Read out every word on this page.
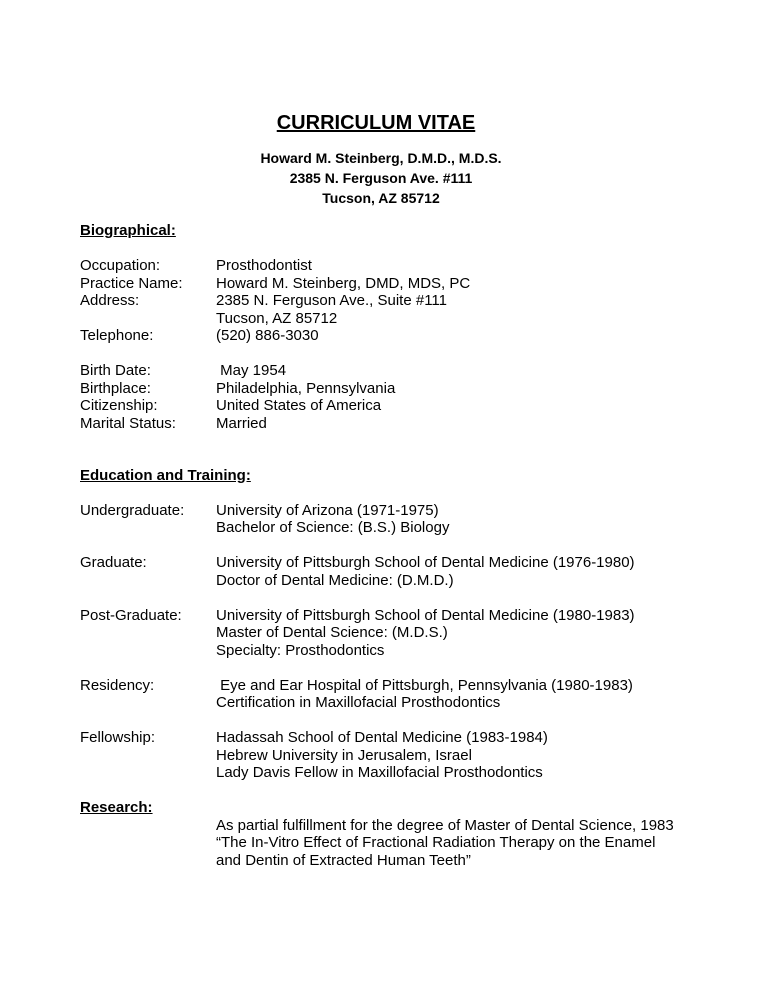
CURRICULUM VITAE
Howard M. Steinberg, D.M.D., M.D.S.
2385 N. Ferguson Ave. #111
Tucson, AZ 85712
Biographical:
Occupation:	Prosthodontist
Practice Name:	Howard M. Steinberg, DMD, MDS, PC
Address:	2385 N. Ferguson Ave., Suite #111
Tucson, AZ 85712
Telephone:	(520) 886-3030
Birth Date:	May 1954
Birthplace:	Philadelphia, Pennsylvania
Citizenship:	United States of America
Marital Status:	Married
Education and Training:
Undergraduate:	University of Arizona (1971-1975)
Bachelor of Science: (B.S.) Biology
Graduate:	University of Pittsburgh School of Dental Medicine (1976-1980)
Doctor of Dental Medicine: (D.M.D.)
Post-Graduate:	University of Pittsburgh School of Dental Medicine (1980-1983)
Master of Dental Science: (M.D.S.)
Specialty: Prosthodontics
Residency:	Eye and Ear Hospital of Pittsburgh, Pennsylvania (1980-1983)
Certification in Maxillofacial Prosthodontics
Fellowship:	Hadassah School of Dental Medicine (1983-1984)
Hebrew University in Jerusalem, Israel
Lady Davis Fellow in Maxillofacial Prosthodontics
Research:
As partial fulfillment for the degree of Master of Dental Science, 1983
“The In-Vitro Effect of Fractional Radiation Therapy on the Enamel
and Dentin of Extracted Human Teeth”
